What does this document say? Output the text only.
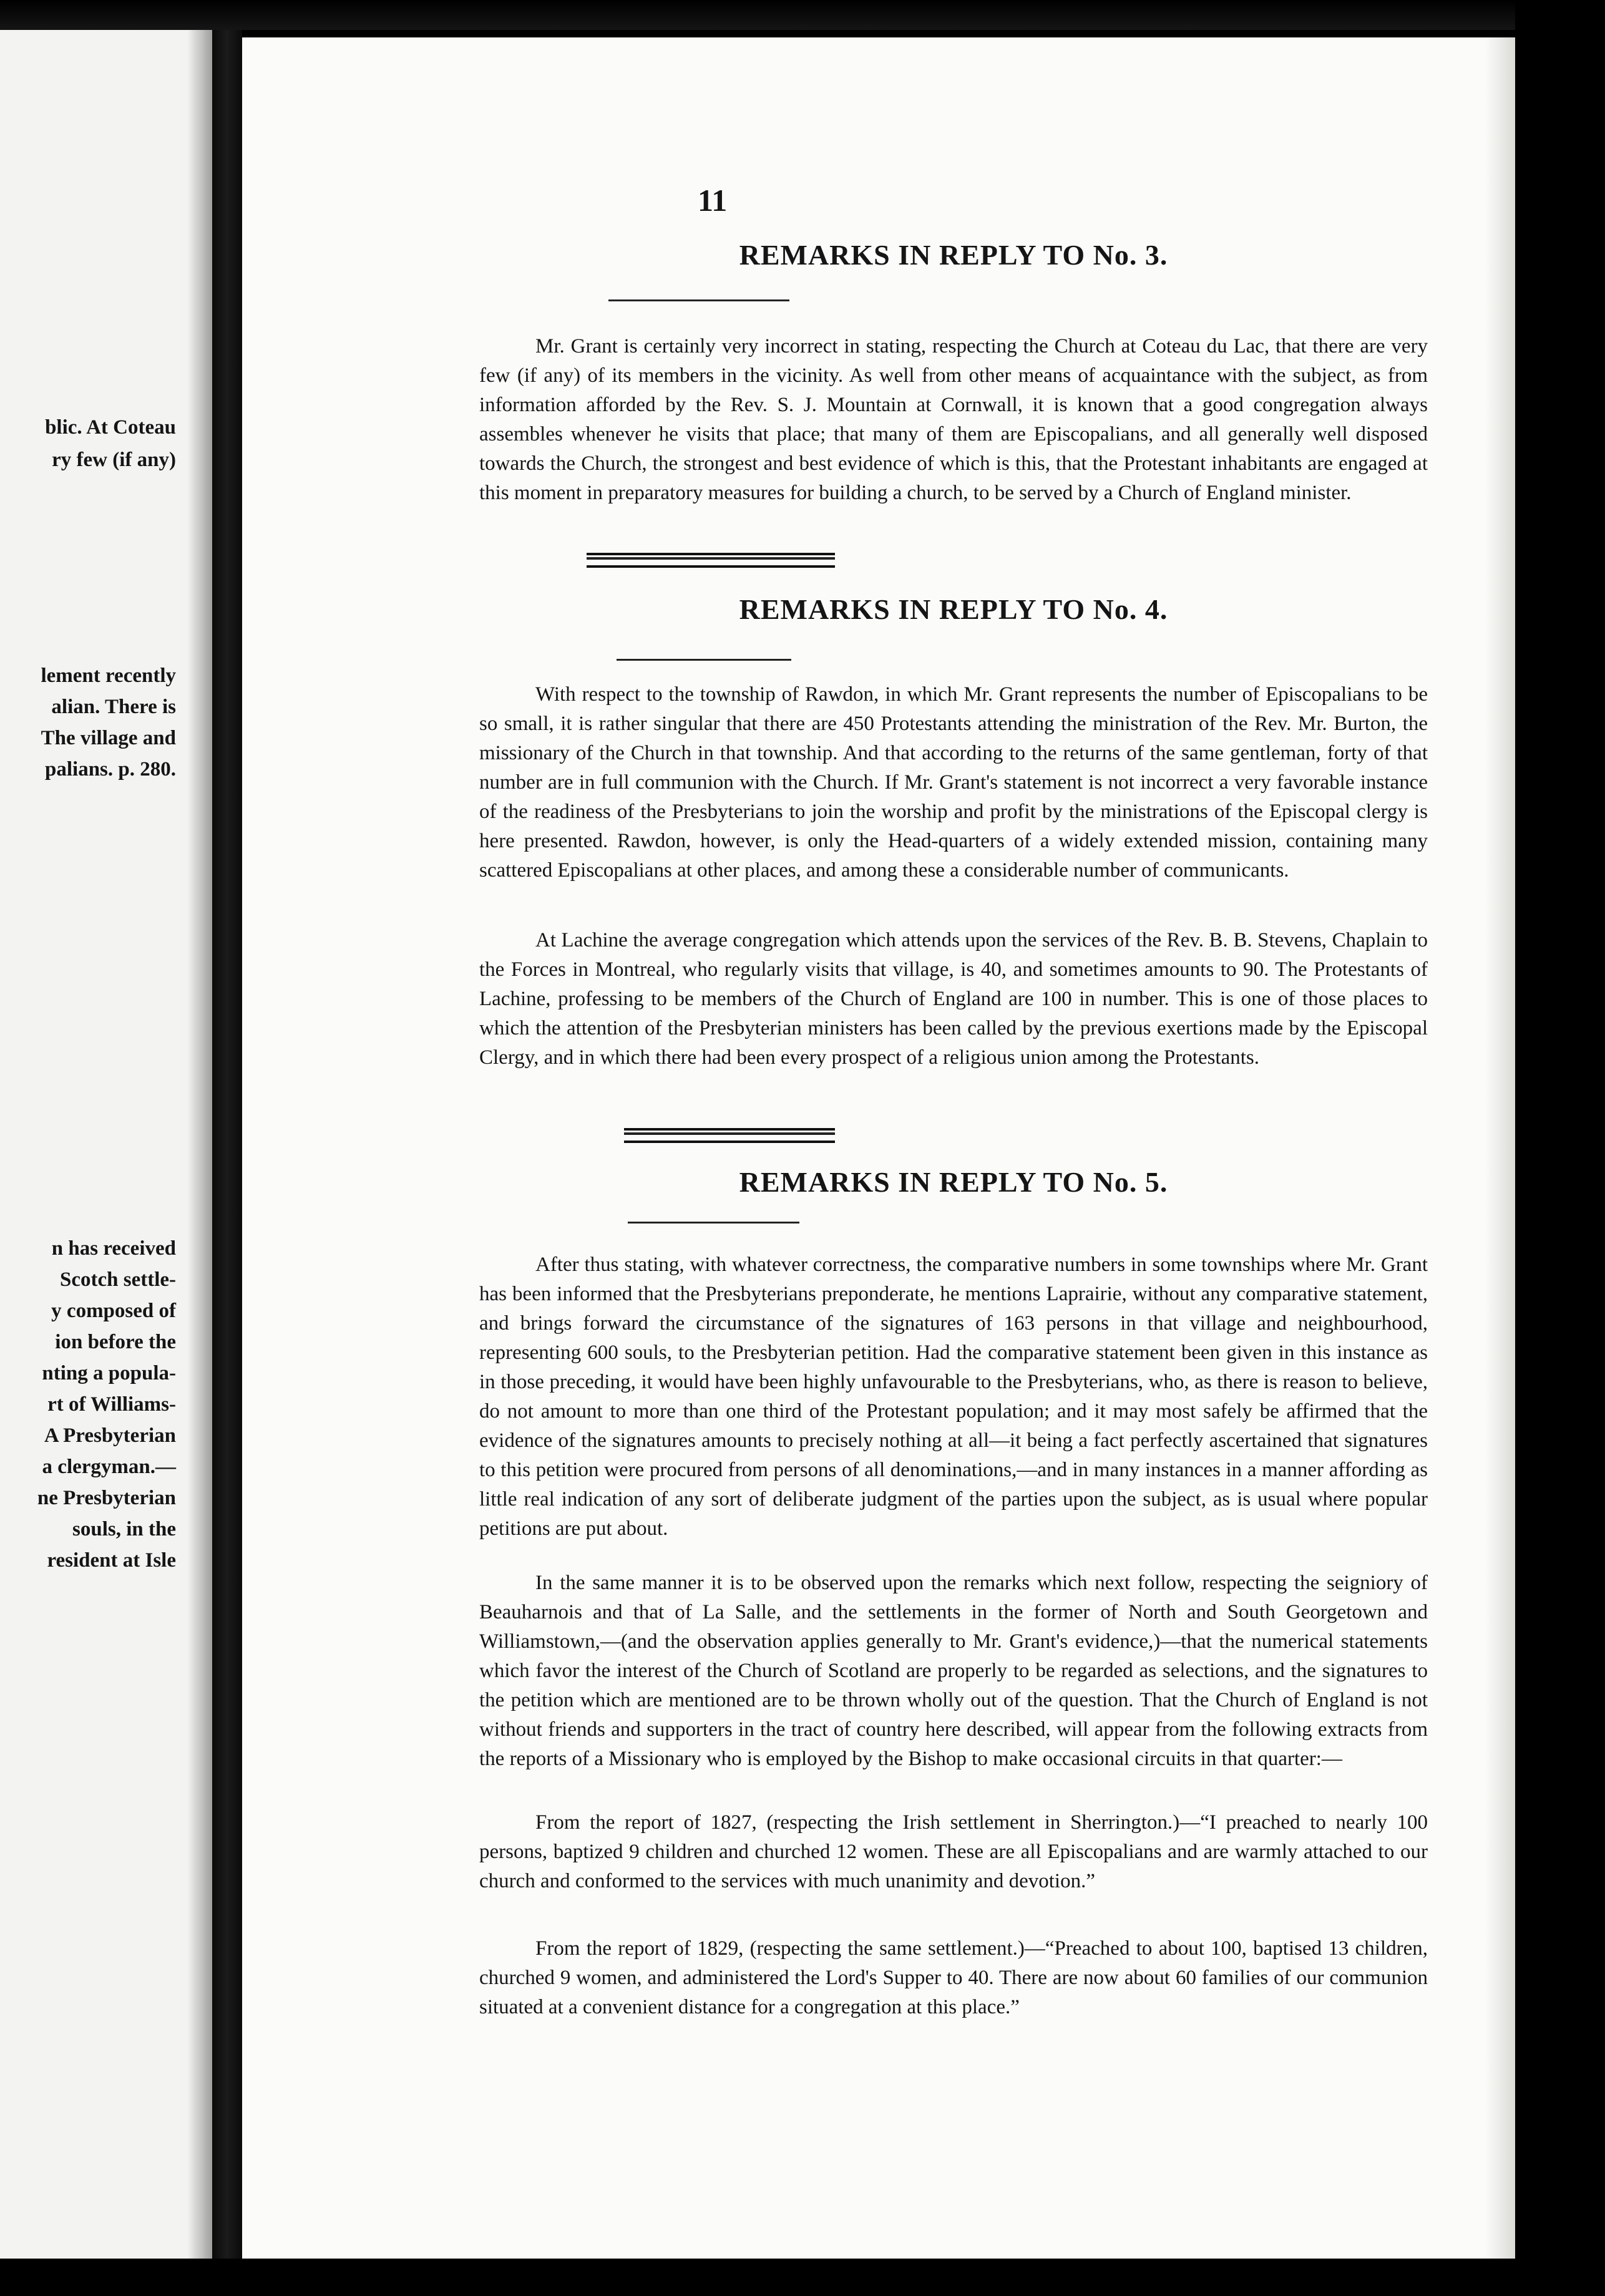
blic. At Coteau
ry few (if any)
lement recently
alian. There is
The village and
palians. p. 280.
n has received
Scotch settle-
y composed of
ion before the
nting a popula-
rt of Williams-
A Presbyterian
a clergyman.—
ne Presbyterian
souls, in the
resident at Isle
11
REMARKS IN REPLY TO No. 3.
Mr. Grant is certainly very incorrect in stating, respecting the Church at Coteau du Lac, that there are very few (if any) of its members in the vicinity. As well from other means of acquaintance with the subject, as from information afforded by the Rev. S. J. Mountain at Cornwall, it is known that a good congregation always assembles whenever he visits that place; that many of them are Episcopalians, and all generally well disposed towards the Church, the strongest and best evidence of which is this, that the Protestant inhabitants are engaged at this moment in preparatory measures for building a church, to be served by a Church of England minister.
REMARKS IN REPLY TO No. 4.
With respect to the township of Rawdon, in which Mr. Grant represents the number of Episcopalians to be so small, it is rather singular that there are 450 Protestants attending the ministration of the Rev. Mr. Burton, the missionary of the Church in that township. And that according to the returns of the same gentleman, forty of that number are in full communion with the Church. If Mr. Grant's statement is not incorrect a very favorable instance of the readiness of the Presbyterians to join the worship and profit by the ministrations of the Episcopal clergy is here presented. Rawdon, however, is only the Head-quarters of a widely extended mission, containing many scattered Episcopalians at other places, and among these a considerable number of communicants.
At Lachine the average congregation which attends upon the services of the Rev. B. B. Stevens, Chaplain to the Forces in Montreal, who regularly visits that village, is 40, and sometimes amounts to 90. The Protestants of Lachine, professing to be members of the Church of England are 100 in number. This is one of those places to which the attention of the Presbyterian ministers has been called by the previous exertions made by the Episcopal Clergy, and in which there had been every prospect of a religious union among the Protestants.
REMARKS IN REPLY TO No. 5.
After thus stating, with whatever correctness, the comparative numbers in some townships where Mr. Grant has been informed that the Presbyterians preponderate, he mentions Laprairie, without any comparative statement, and brings forward the circumstance of the signatures of 163 persons in that village and neighbourhood, representing 600 souls, to the Presbyterian petition. Had the comparative statement been given in this instance as in those preceding, it would have been highly unfavourable to the Presbyterians, who, as there is reason to believe, do not amount to more than one third of the Protestant population; and it may most safely be affirmed that the evidence of the signatures amounts to precisely nothing at all—it being a fact perfectly ascertained that signatures to this petition were procured from persons of all denominations,—and in many instances in a manner affording as little real indication of any sort of deliberate judgment of the parties upon the subject, as is usual where popular petitions are put about.
In the same manner it is to be observed upon the remarks which next follow, respecting the seigniory of Beauharnois and that of La Salle, and the settlements in the former of North and South Georgetown and Williamstown,—(and the observation applies generally to Mr. Grant's evidence,)—that the numerical statements which favor the interest of the Church of Scotland are properly to be regarded as selections, and the signatures to the petition which are mentioned are to be thrown wholly out of the question. That the Church of England is not without friends and supporters in the tract of country here described, will appear from the following extracts from the reports of a Missionary who is employed by the Bishop to make occasional circuits in that quarter:—
From the report of 1827, (respecting the Irish settlement in Sherrington.)—“I preached to nearly 100 persons, baptized 9 children and churched 12 women. These are all Episcopalians and are warmly attached to our church and conformed to the services with much unanimity and devotion.”
From the report of 1829, (respecting the same settlement.)—“Preached to about 100, baptised 13 children, churched 9 women, and administered the Lord's Supper to 40. There are now about 60 families of our communion situated at a convenient distance for a congregation at this place.”
